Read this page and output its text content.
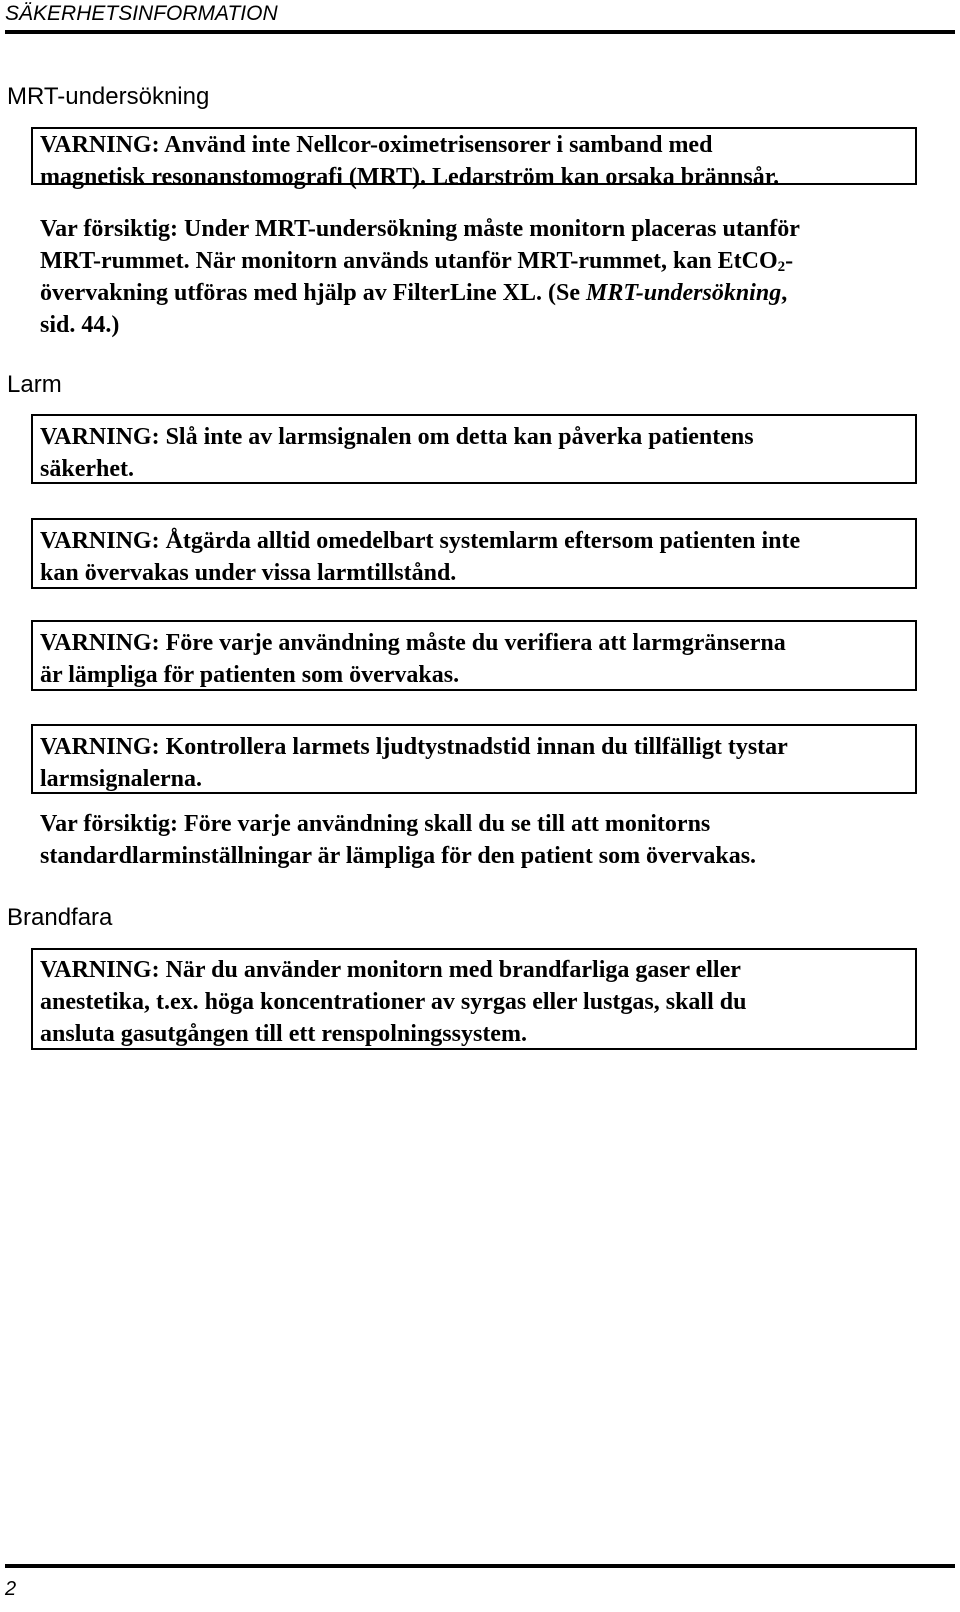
SÄKERHETSINFORMATION
MRT-undersökning

VARNING: Använd inte Nellcor-oximetrisensorer i samband med

magnetisk resonanstomografi (MRT). Ledarström kan orsaka brännsår.

Var försiktig: Under MRT-undersökning måste monitorn placeras utanför

MRT-rummet. När monitorn används utanför MRT-rummet, kan EtCO$_2$-

övervakning utföras med hjälp av FilterLine XL. (Se MRT-undersökning,

sid. 44.)

Larm

VARNING: Slå inte av larmsignalen om detta kan påverka patientens

säkerhet.

VARNING: Åtgärda alltid omedelbart systemlarm eftersom patienten inte

kan övervakas under vissa larmtillstånd.

VARNING: Före varje användning måste du verifiera att larmgränserna

är lämpliga för patienten som övervakas.

VARNING: Kontrollera larmets ljudtystnadstid innan du tillfälligt tystar

larmsignalerna.

Var försiktig: Före varje användning skall du se till att monitorns

standardlarminställningar är lämpliga för den patient som övervakas.

Brandfara

VARNING: När du använder monitorn med brandfarliga gaser eller

anestetika, t.ex. höga koncentrationer av syrgas eller lustgas, skall du

ansluta gasutgången till ett renspolningssystem.

2
